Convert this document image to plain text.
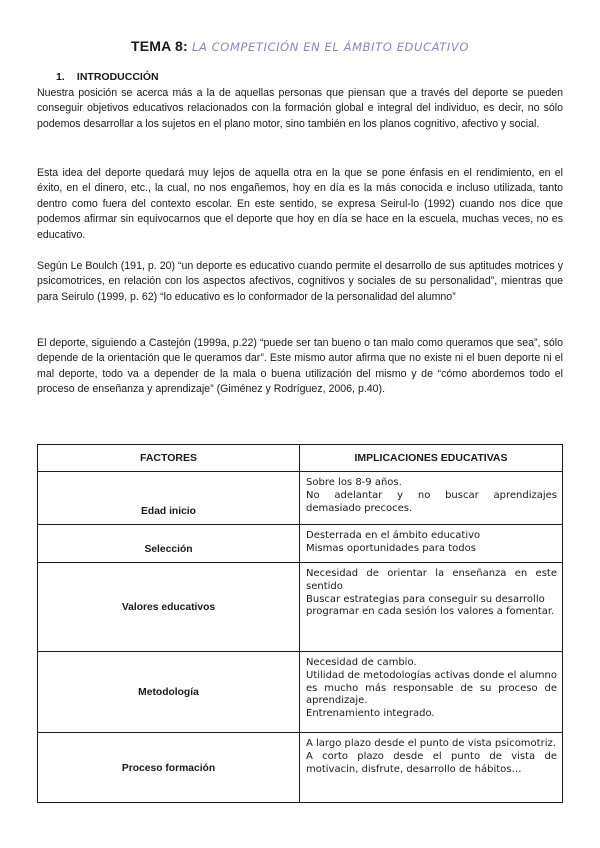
TEMA 8: LA COMPETICIÓN EN EL ÁMBITO EDUCATIVO
1. INTRODUCCIÓN

Nuestra posición se acerca más a la de aquellas personas que piensan que a través del deporte se pueden conseguir objetivos educativos relacionados con la formación global e integral del individuo, es decir, no sólo podemos desarrollar a los sujetos en el plano motor, sino también en los planos cognitivo, afectivo y social.

Esta idea del deporte quedará muy lejos de aquella otra en la que se pone énfasis en el rendimiento, en el éxito, en el dinero, etc., la cual, no nos engañemos, hoy en día es la más conocida e incluso utilizada, tanto dentro como fuera del contexto escolar. En este sentido, se expresa Seirul-lo (1992) cuando nos dice que podemos afirmar sin equivocarnos que el deporte que hoy en día se hace en la escuela, muchas veces, no es educativo.

Según Le Boulch (191, p. 20) “un deporte es educativo cuando permite el desarrollo de sus aptitudes motrices y psicomotrices, en relación con los aspectos afectivos, cognitivos y sociales de su personalidad”, mientras que para Seirulo (1999, p. 62) “lo educativo es lo conformador de la personalidad del alumno”

El deporte, siguiendo a Castejón (1999a, p.22) “puede ser tan bueno o tan malo como queramos que sea”, sólo depende de la orientación que le queramos dar”. Este mismo autor afirma que no existe ni el buen deporte ni el mal deporte, todo va a depender de la mala o buena utilización del mismo y de “cómo abordemos todo el proceso de enseñanza y aprendizaje” (Giménez y Rodríguez, 2006, p.40).

FACTORES	IMPLICACIONES EDUCATIVAS
Edad inicio	Sobre los 8-9 años.
No adelantar y no buscar aprendizajes demasiado precoces.

Selección	Desterrada en el ámbito educativo
Mismas oportunidades para todos

Valores educativos	Necesidad de orientar la enseñanza en este sentido
Buscar estrategias para conseguir su desarrollo
programar en cada sesión los valores a fomentar.

Metodología	Necesidad de cambio.
Utilidad de metodologías activas donde el alumno es mucho más responsable de su proceso de aprendizaje.
Entrenamiento integrado.

Proceso formación	A largo plazo desde el punto de vista psicomotriz.
A corto plazo desde el punto de vista de motivacin, disfrute, desarrollo de hábitos…
